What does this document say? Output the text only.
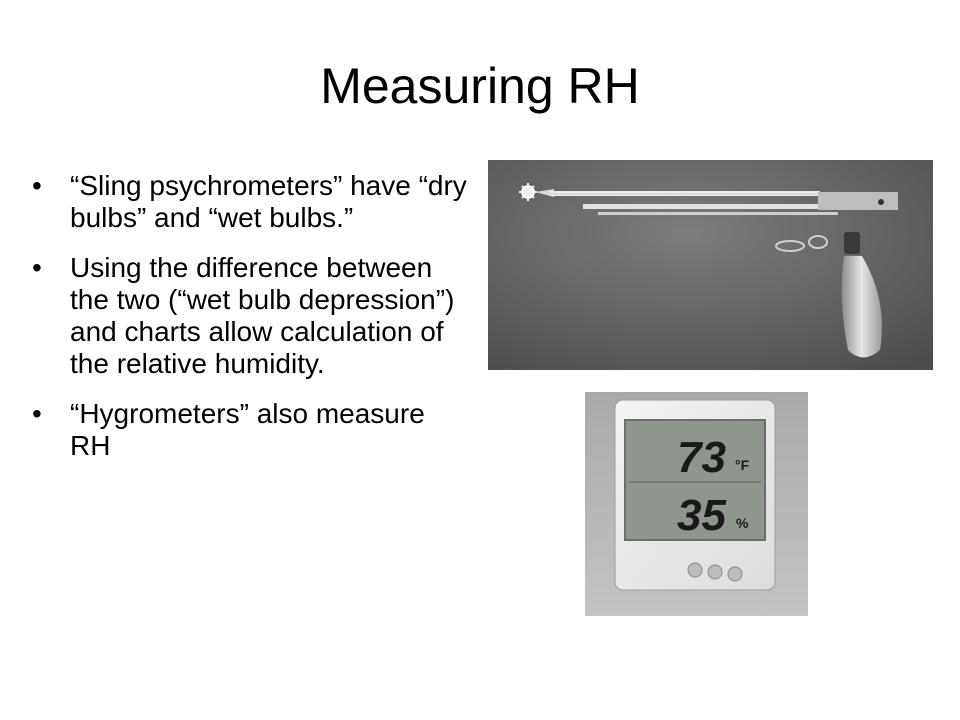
Measuring RH
• “Sling psychrometers” have “dry bulbs” and “wet bulbs.”
• Using the difference between the two (“wet bulb depression”) and charts allow calculation of the relative humidity.
• “Hygrometers” also measure RH	73 °F
35 %
